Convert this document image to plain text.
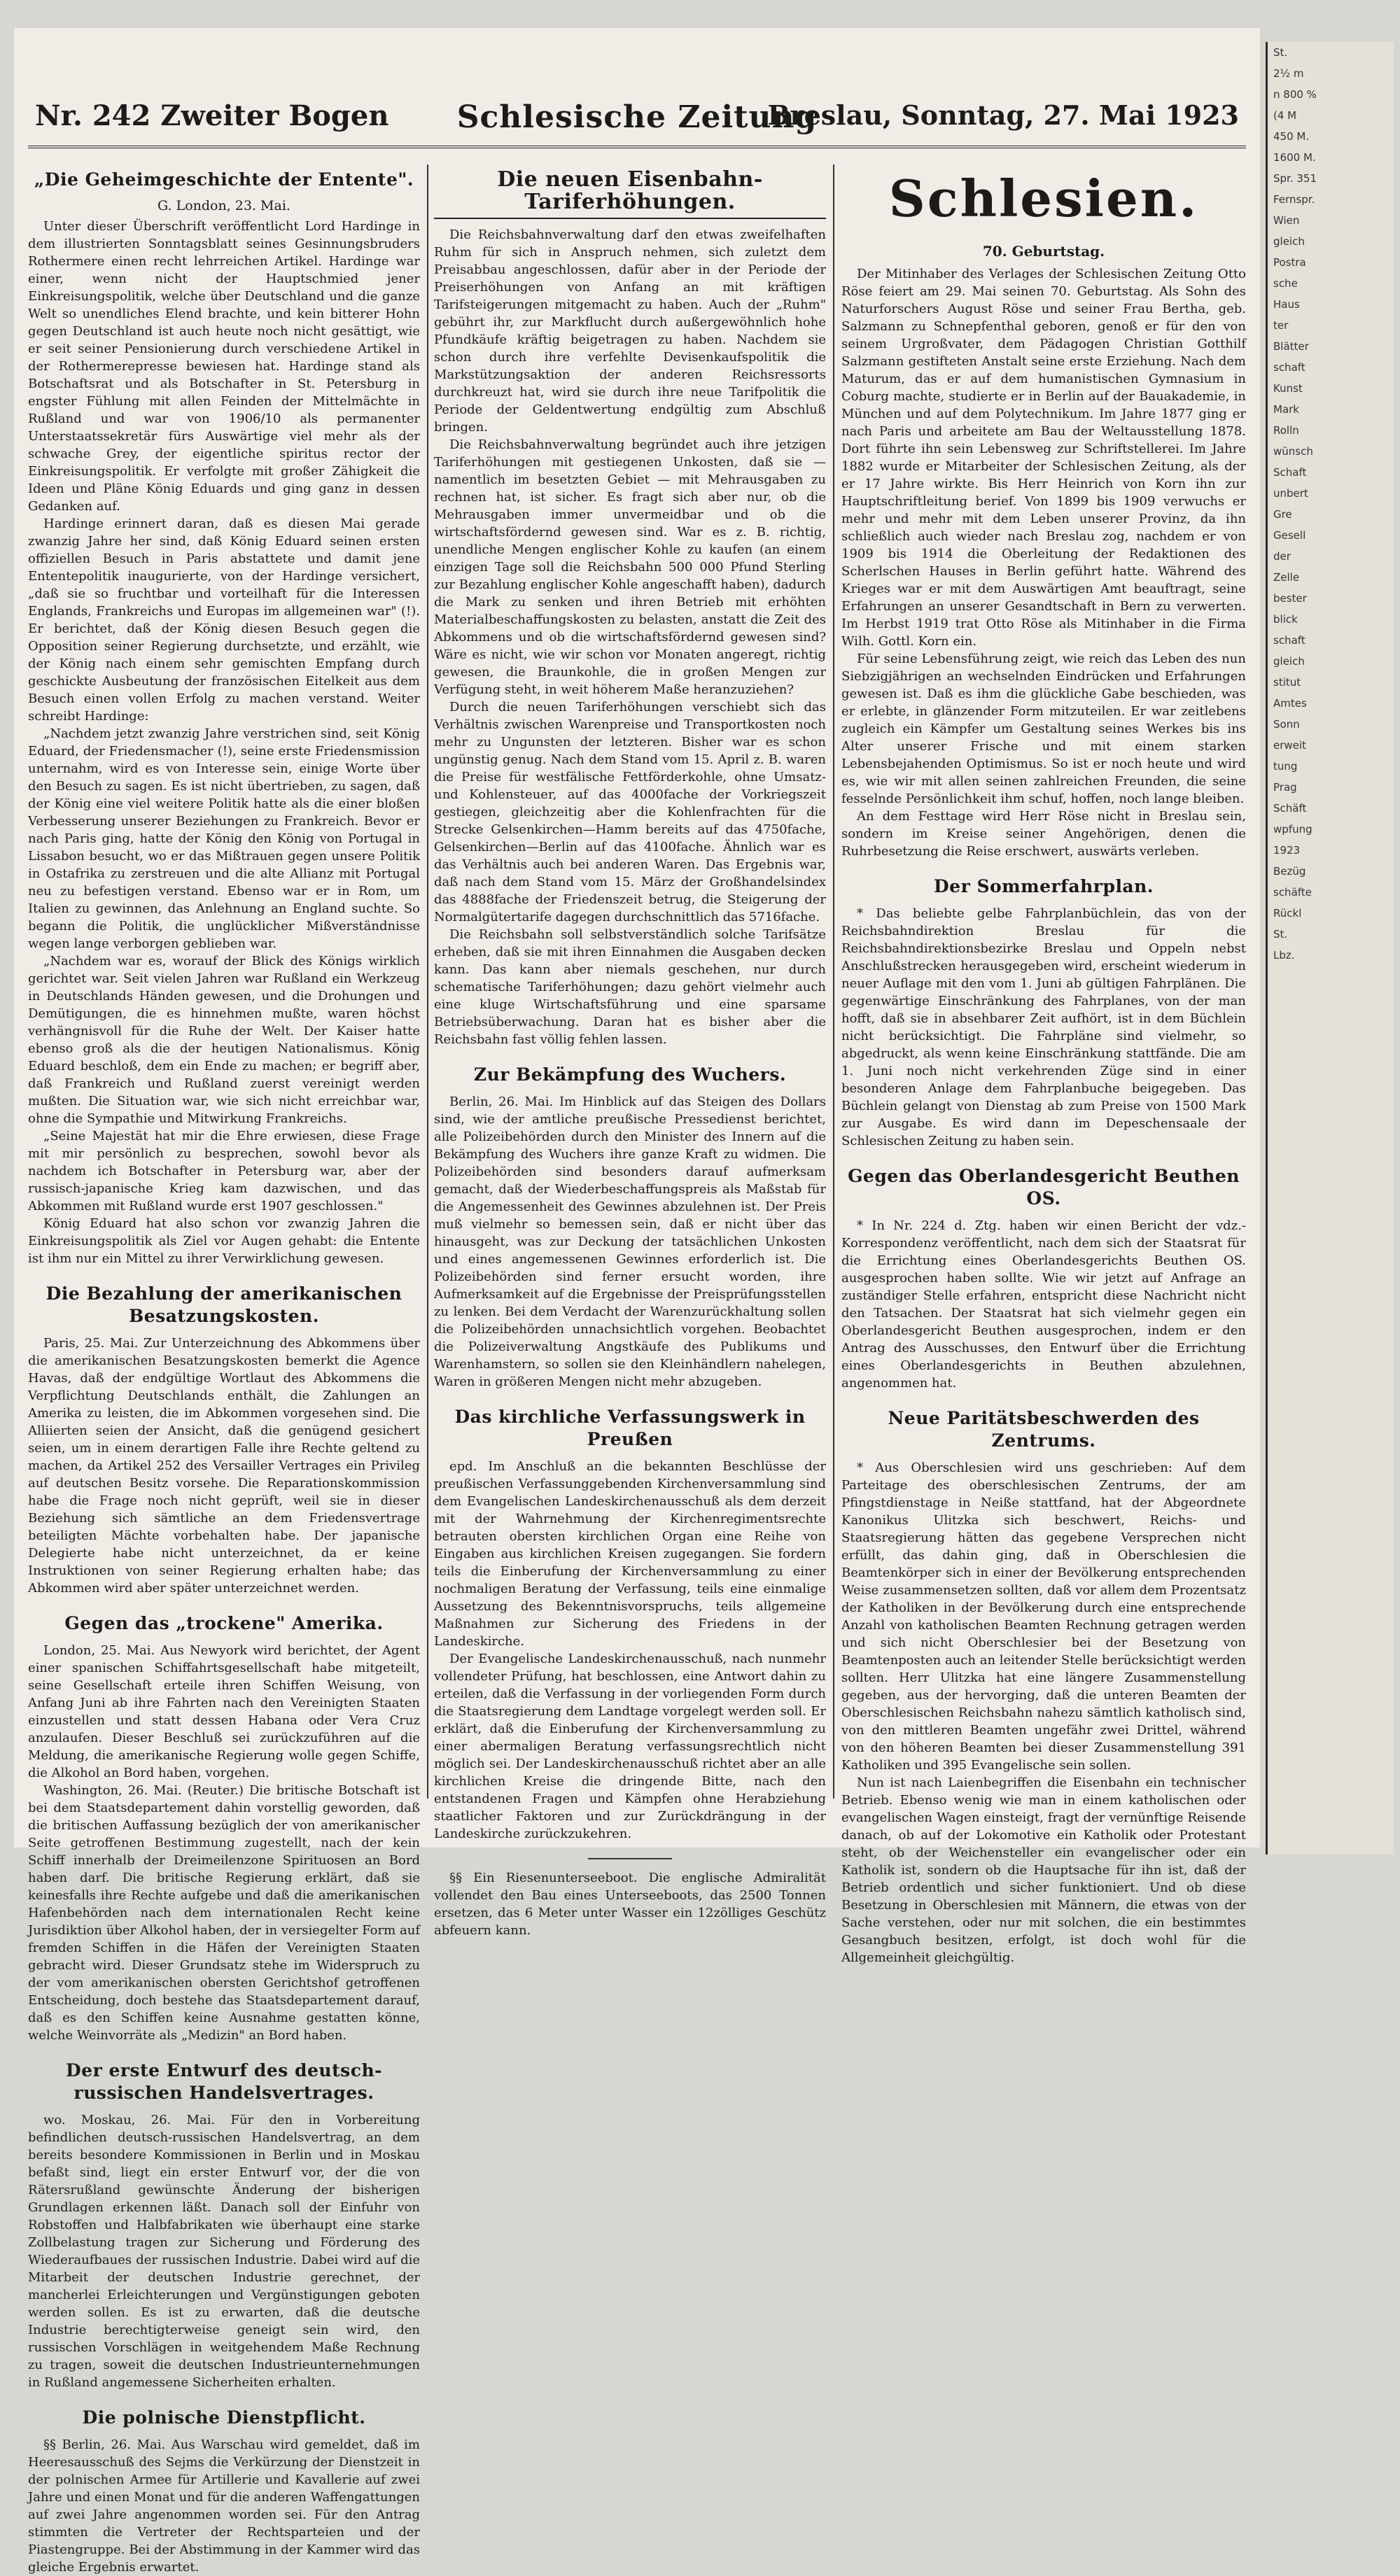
Nr. 242 Zweiter Bogen Schlesische Zeitung
Breslau, Sonntag, 27. Mai 1923
„Die Geheimgeschichte der Entente".
G. London, 23. Mai.

Unter dieser Überschrift veröffentlicht Lord Hardinge in dem illustrierten Sonntagsblatt seines Gesinnungsbruders Rothermere einen recht lehrreichen Artikel. Hardinge war einer, wenn nicht der Hauptschmied jener Einkreisungspolitik, welche über Deutschland und die ganze Welt so unendliches Elend brachte, und kein bitterer Hohn gegen Deutschland ist auch heute noch nicht gesättigt, wie er seit seiner Pensionierung durch verschiedene Artikel in der Rothermerepresse bewiesen hat. Hardinge stand als Botschaftsrat und als Botschafter in St. Petersburg in engster Fühlung mit allen Feinden der Mittelmächte in Rußland und war von 1906/10 als permanenter Unterstaatssekretär fürs Auswärtige viel mehr als der schwache Grey, der eigentliche spiritus rector der Einkreisungspolitik. Er verfolgte mit großer Zähigkeit die Ideen und Pläne König Eduards und ging ganz in dessen Gedanken auf.

Hardinge erinnert daran, daß es diesen Mai gerade zwanzig Jahre her sind, daß König Eduard seinen ersten offiziellen Besuch in Paris abstattete und damit jene Ententepolitik inaugurierte, von der Hardinge versichert, „daß sie so fruchtbar und vorteilhaft für die Interessen Englands, Frankreichs und Europas im allgemeinen war" (!). Er berichtet, daß der König diesen Besuch gegen die Opposition seiner Regierung durchsetzte, und erzählt, wie der König nach einem sehr gemischten Empfang durch geschickte Ausbeutung der französischen Eitelkeit aus dem Besuch einen vollen Erfolg zu machen verstand. Weiter schreibt Hardinge:

„Nachdem jetzt zwanzig Jahre verstrichen sind, seit König Eduard, der Friedensmacher (!), seine erste Friedensmission unternahm, wird es von Interesse sein, einige Worte über den Besuch zu sagen. Es ist nicht übertrieben, zu sagen, daß der König eine viel weitere Politik hatte als die einer bloßen Verbesserung unserer Beziehungen zu Frankreich. Bevor er nach Paris ging, hatte der König den König von Portugal in Lissabon besucht, wo er das Mißtrauen gegen unsere Politik in Ostafrika zu zerstreuen und die alte Allianz mit Portugal neu zu befestigen verstand. Ebenso war er in Rom, um Italien zu gewinnen, das Anlehnung an England suchte. So begann die Politik, die unglücklicher Mißverständnisse wegen lange verborgen geblieben war.

„Nachdem war es, worauf der Blick des Königs wirklich gerichtet war. Seit vielen Jahren war Rußland ein Werkzeug in Deutschlands Händen gewesen, und die Drohungen und Demütigungen, die es hinnehmen mußte, waren höchst verhängnisvoll für die Ruhe der Welt. Der Kaiser hatte ebenso groß als die der heutigen Nationalismus. König Eduard beschloß, dem ein Ende zu machen; er begriff aber, daß Frankreich und Rußland zuerst vereinigt werden mußten. Die Situation war, wie sich nicht erreichbar war, ohne die Sympathie und Mitwirkung Frankreichs.

„Seine Majestät hat mir die Ehre erwiesen, diese Frage mit mir persönlich zu besprechen, sowohl bevor als nachdem ich Botschafter in Petersburg war, aber der russisch-japanische Krieg kam dazwischen, und das Abkommen mit Rußland wurde erst 1907 geschlossen."

König Eduard hat also schon vor zwanzig Jahren die Einkreisungspolitik als Ziel vor Augen gehabt: die Entente ist ihm nur ein Mittel zu ihrer Verwirklichung gewesen.

Die Bezahlung der amerikanischen Besatzungskosten.

Paris, 25. Mai. Zur Unterzeichnung des Abkommens über die amerikanischen Besatzungskosten bemerkt die Agence Havas, daß der endgültige Wortlaut des Abkommens die Verpflichtung Deutschlands enthält, die Zahlungen an Amerika zu leisten, die im Abkommen vorgesehen sind. Die Alliierten seien der Ansicht, daß die genügend gesichert seien, um in einem derartigen Falle ihre Rechte geltend zu machen, da Artikel 252 des Versailler Vertrages ein Privileg auf deutschen Besitz vorsehe. Die Reparationskommission habe die Frage noch nicht geprüft, weil sie in dieser Beziehung sich sämtliche an dem Friedensvertrage beteiligten Mächte vorbehalten habe. Der japanische Delegierte habe nicht unterzeichnet, da er keine Instruktionen von seiner Regierung erhalten habe; das Abkommen wird aber später unterzeichnet werden.

Gegen das „trockene" Amerika.

London, 25. Mai. Aus Newyork wird berichtet, der Agent einer spanischen Schiffahrtsgesellschaft habe mitgeteilt, seine Gesellschaft erteile ihren Schiffen Weisung, von Anfang Juni ab ihre Fahrten nach den Vereinigten Staaten einzustellen und statt dessen Habana oder Vera Cruz anzulaufen. Dieser Beschluß sei zurückzuführen auf die Meldung, die amerikanische Regierung wolle gegen Schiffe, die Alkohol an Bord haben, vorgehen.

Washington, 26. Mai. (Reuter.) Die britische Botschaft ist bei dem Staatsdepartement dahin vorstellig geworden, daß die britischen Auffassung bezüglich der von amerikanischer Seite getroffenen Bestimmung zugestellt, nach der kein Schiff innerhalb der Dreimeilenzone Spirituosen an Bord haben darf. Die britische Regierung erklärt, daß sie keinesfalls ihre Rechte aufgebe und daß die amerikanischen Hafenbehörden nach dem internationalen Recht keine Jurisdiktion über Alkohol haben, der in versiegelter Form auf fremden Schiffen in die Häfen der Vereinigten Staaten gebracht wird. Dieser Grundsatz stehe im Widerspruch zu der vom amerikanischen obersten Gerichtshof getroffenen Entscheidung, doch bestehe das Staatsdepartement darauf, daß es den Schiffen keine Ausnahme gestatten könne, welche Weinvorräte als „Medizin" an Bord haben.

Der erste Entwurf des deutsch-russischen Handelsvertrages.

wo. Moskau, 26. Mai. Für den in Vorbereitung befindlichen deutsch-russischen Handelsvertrag, an dem bereits besondere Kommissionen in Berlin und in Moskau befaßt sind, liegt ein erster Entwurf vor, der die von Rätersrußland gewünschte Änderung der bisherigen Grundlagen erkennen läßt. Danach soll der Einfuhr von Robstoffen und Halbfabrikaten wie überhaupt eine starke Zollbelastung tragen zur Sicherung und Förderung des Wiederaufbaues der russischen Industrie. Dabei wird auf die Mitarbeit der deutschen Industrie gerechnet, der mancherlei Erleichterungen und Vergünstigungen geboten werden sollen. Es ist zu erwarten, daß die deutsche Industrie berechtigterweise geneigt sein wird, den russischen Vorschlägen in weitgehendem Maße Rechnung zu tragen, soweit die deutschen Industrieunternehmungen in Rußland angemessene Sicherheiten erhalten.

Die polnische Dienstpflicht.

§§ Berlin, 26. Mai. Aus Warschau wird gemeldet, daß im Heeresausschuß des Sejms die Verkürzung der Dienstzeit in der polnischen Armee für Artillerie und Kavallerie auf zwei Jahre und einen Monat und für die anderen Waffengattungen auf zwei Jahre angenommen worden sei. Für den Antrag stimmten die Vertreter der Rechtsparteien und der Piastengruppe. Bei der Abstimmung in der Kammer wird das gleiche Ergebnis erwartet.

Die neuen Eisenbahn-Tariferhöhungen.

Die Reichsbahnverwaltung darf den etwas zweifelhaften Ruhm für sich in Anspruch nehmen, sich zuletzt dem Preisabbau angeschlossen, dafür aber in der Periode der Preiserhöhungen von Anfang an mit kräftigen Tarifsteigerungen mitgemacht zu haben. Auch der „Ruhm" gebührt ihr, zur Markflucht durch außergewöhnlich hohe Pfundkäufe kräftig beigetragen zu haben. Nachdem sie schon durch ihre verfehlte Devisenkaufspolitik die Markstützungsaktion der anderen Reichsressorts durchkreuzt hat, wird sie durch ihre neue Tarifpolitik die Periode der Geldentwertung endgültig zum Abschluß bringen.

Die Reichsbahnverwaltung begründet auch ihre jetzigen Tariferhöhungen mit gestiegenen Unkosten, daß sie — namentlich im besetzten Gebiet — mit Mehrausgaben zu rechnen hat, ist sicher. Es fragt sich aber nur, ob die Mehrausgaben immer unvermeidbar und ob die wirtschaftsfördernd gewesen sind. War es z. B. richtig, unendliche Mengen englischer Kohle zu kaufen (an einem einzigen Tage soll die Reichsbahn 500 000 Pfund Sterling zur Bezahlung englischer Kohle angeschafft haben), dadurch die Mark zu senken und ihren Betrieb mit erhöhten Materialbeschaffungskosten zu belasten, anstatt die Zeit des Abkommens und ob die wirtschaftsfördernd gewesen sind? Wäre es nicht, wie wir schon vor Monaten angeregt, richtig gewesen, die Braunkohle, die in großen Mengen zur Verfügung steht, in weit höherem Maße heranzuziehen?

Durch die neuen Tariferhöhungen verschiebt sich das Verhältnis zwischen Warenpreise und Transportkosten noch mehr zu Ungunsten der letzteren. Bisher war es schon ungünstig genug. Nach dem Stand vom 15. April z. B. waren die Preise für westfälische Fettförderkohle, ohne Umsatz- und Kohlensteuer, auf das 4000fache der Vorkriegszeit gestiegen, gleichzeitig aber die Kohlenfrachten für die Strecke Gelsenkirchen—Hamm bereits auf das 4750fache, Gelsenkirchen—Berlin auf das 4100fache. Ähnlich war es das Verhältnis auch bei anderen Waren. Das Ergebnis war, daß nach dem Stand vom 15. März der Großhandelsindex das 4888fache der Friedenszeit betrug, die Steigerung der Normalgütertarife dagegen durchschnittlich das 5716fache.

Die Reichsbahn soll selbstverständlich solche Tarifsätze erheben, daß sie mit ihren Einnahmen die Ausgaben decken kann. Das kann aber niemals geschehen, nur durch schematische Tariferhöhungen; dazu gehört vielmehr auch eine kluge Wirtschaftsführung und eine sparsame Betriebsüberwachung. Daran hat es bisher aber die Reichsbahn fast völlig fehlen lassen.

Zur Bekämpfung des Wuchers.

Berlin, 26. Mai. Im Hinblick auf das Steigen des Dollars sind, wie der amtliche preußische Pressedienst berichtet, alle Polizeibehörden durch den Minister des Innern auf die Bekämpfung des Wuchers ihre ganze Kraft zu widmen. Die Polizeibehörden sind besonders darauf aufmerksam gemacht, daß der Wiederbeschaffungspreis als Maßstab für die Angemessenheit des Gewinnes abzulehnen ist. Der Preis muß vielmehr so bemessen sein, daß er nicht über das hinausgeht, was zur Deckung der tatsächlichen Unkosten und eines angemessenen Gewinnes erforderlich ist. Die Polizeibehörden sind ferner ersucht worden, ihre Aufmerksamkeit auf die Ergebnisse der Preisprüfungsstellen zu lenken. Bei dem Verdacht der Warenzurückhaltung sollen die Polizeibehörden unnachsichtlich vorgehen. Beobachtet die Polizeiverwaltung Angstkäufe des Publikums und Warenhamstern, so sollen sie den Kleinhändlern nahelegen, Waren in größeren Mengen nicht mehr abzugeben.

Das kirchliche Verfassungswerk in Preußen

epd. Im Anschluß an die bekannten Beschlüsse der preußischen Verfassunggebenden Kirchenversammlung sind dem Evangelischen Landeskirchenausschuß als dem derzeit mit der Wahrnehmung der Kirchenregimentsrechte betrauten obersten kirchlichen Organ eine Reihe von Eingaben aus kirchlichen Kreisen zugegangen. Sie fordern teils die Einberufung der Kirchenversammlung zu einer nochmaligen Beratung der Verfassung, teils eine einmalige Aussetzung des Bekenntnisvorspruchs, teils allgemeine Maßnahmen zur Sicherung des Friedens in der Landeskirche.

Der Evangelische Landeskirchenausschuß, nach nunmehr vollendeter Prüfung, hat beschlossen, eine Antwort dahin zu erteilen, daß die Verfassung in der vorliegenden Form durch die Staatsregierung dem Landtage vorgelegt werden soll. Er erklärt, daß die Einberufung der Kirchenversammlung zu einer abermaligen Beratung verfassungsrechtlich nicht möglich sei. Der Landeskirchenausschuß richtet aber an alle kirchlichen Kreise die dringende Bitte, nach den entstandenen Fragen und Kämpfen ohne Herabziehung staatlicher Faktoren und zur Zurückdrängung in der Landeskirche zurückzukehren.

§§ Ein Riesenunterseeboot. Die englische Admiralität vollendet den Bau eines Unterseeboots, das 2500 Tonnen ersetzen, das 6 Meter unter Wasser ein 12zölliges Geschütz abfeuern kann.

Schlesien.
70. Geburtstag.

Der Mitinhaber des Verlages der Schlesischen Zeitung Otto Röse feiert am 29. Mai seinen 70. Geburtstag. Als Sohn des Naturforschers August Röse und seiner Frau Bertha, geb. Salzmann zu Schnepfenthal geboren, genoß er für den von seinem Urgroßvater, dem Pädagogen Christian Gotthilf Salzmann gestifteten Anstalt seine erste Erziehung. Nach dem Maturum, das er auf dem humanistischen Gymnasium in Coburg machte, studierte er in Berlin auf der Bauakademie, in München und auf dem Polytechnikum. Im Jahre 1877 ging er nach Paris und arbeitete am Bau der Weltausstellung 1878. Dort führte ihn sein Lebensweg zur Schriftstellerei. Im Jahre 1882 wurde er Mitarbeiter der Schlesischen Zeitung, als der er 17 Jahre wirkte. Bis Herr Heinrich von Korn ihn zur Hauptschriftleitung berief. Von 1899 bis 1909 verwuchs er mehr und mehr mit dem Leben unserer Provinz, da ihn schließlich auch wieder nach Breslau zog, nachdem er von 1909 bis 1914 die Oberleitung der Redaktionen des Scherlschen Hauses in Berlin geführt hatte. Während des Krieges war er mit dem Auswärtigen Amt beauftragt, seine Erfahrungen an unserer Gesandtschaft in Bern zu verwerten. Im Herbst 1919 trat Otto Röse als Mitinhaber in die Firma Wilh. Gottl. Korn ein.

Für seine Lebensführung zeigt, wie reich das Leben des nun Siebzigjährigen an wechselnden Eindrücken und Erfahrungen gewesen ist. Daß es ihm die glückliche Gabe beschieden, was er erlebte, in glänzender Form mitzuteilen. Er war zeitlebens zugleich ein Kämpfer um Gestaltung seines Werkes bis ins Alter unserer Frische und mit einem starken Lebensbejahenden Optimismus. So ist er noch heute und wird es, wie wir mit allen seinen zahlreichen Freunden, die seine fesselnde Persönlichkeit ihm schuf, hoffen, noch lange bleiben.

An dem Festtage wird Herr Röse nicht in Breslau sein, sondern im Kreise seiner Angehörigen, denen die Ruhrbesetzung die Reise erschwert, auswärts verleben.

Der Sommerfahrplan.

* Das beliebte gelbe Fahrplanbüchlein, das von der Reichsbahndirektion Breslau für die Reichsbahndirektionsbezirke Breslau und Oppeln nebst Anschlußstrecken herausgegeben wird, erscheint wiederum in neuer Auflage mit den vom 1. Juni ab gültigen Fahrplänen. Die gegenwärtige Einschränkung des Fahrplanes, von der man hofft, daß sie in absehbarer Zeit aufhört, ist in dem Büchlein nicht berücksichtigt. Die Fahrpläne sind vielmehr, so abgedruckt, als wenn keine Einschränkung stattfände. Die am 1. Juni noch nicht verkehrenden Züge sind in einer besonderen Anlage dem Fahrplanbuche beigegeben. Das Büchlein gelangt von Dienstag ab zum Preise von 1500 Mark zur Ausgabe. Es wird dann im Depeschensaale der Schlesischen Zeitung zu haben sein.

Gegen das Oberlandesgericht Beuthen OS.

* In Nr. 224 d. Ztg. haben wir einen Bericht der vdz.-Korrespondenz veröffentlicht, nach dem sich der Staatsrat für die Errichtung eines Oberlandesgerichts Beuthen OS. ausgesprochen haben sollte. Wie wir jetzt auf Anfrage an zuständiger Stelle erfahren, entspricht diese Nachricht nicht den Tatsachen. Der Staatsrat hat sich vielmehr gegen ein Oberlandesgericht Beuthen ausgesprochen, indem er den Antrag des Ausschusses, den Entwurf über die Errichtung eines Oberlandesgerichts in Beuthen abzulehnen, angenommen hat.

Neue Paritätsbeschwerden des Zentrums.

* Aus Oberschlesien wird uns geschrieben: Auf dem Parteitage des oberschlesischen Zentrums, der am Pfingstdienstage in Neiße stattfand, hat der Abgeordnete Kanonikus Ulitzka sich beschwert, Reichs- und Staatsregierung hätten das gegebene Versprechen nicht erfüllt, das dahin ging, daß in Oberschlesien die Beamtenkörper sich in einer der Bevölkerung entsprechenden Weise zusammensetzen sollten, daß vor allem dem Prozentsatz der Katholiken in der Bevölkerung durch eine entsprechende Anzahl von katholischen Beamten Rechnung getragen werden und sich nicht Oberschlesier bei der Besetzung von Beamtenposten auch an leitender Stelle berücksichtigt werden sollten. Herr Ulitzka hat eine längere Zusammenstellung gegeben, aus der hervorging, daß die unteren Beamten der Oberschlesischen Reichsbahn nahezu sämtlich katholisch sind, von den mittleren Beamten ungefähr zwei Drittel, während von den höheren Beamten bei dieser Zusammenstellung 391 Katholiken und 395 Evangelische sein sollen.

Nun ist nach Laienbegriffen die Eisenbahn ein technischer Betrieb. Ebenso wenig wie man in einem katholischen oder evangelischen Wagen einsteigt, fragt der vernünftige Reisende danach, ob auf der Lokomotive ein Katholik oder Protestant steht, ob der Weichensteller ein evangelischer oder ein Katholik ist, sondern ob die Hauptsache für ihn ist, daß der Betrieb ordentlich und sicher funktioniert. Und ob diese Besetzung in Oberschlesien mit Männern, die etwas von der Sache verstehen, oder nur mit solchen, die ein bestimmtes Gesangbuch besitzen, erfolgt, ist doch wohl für die Allgemeinheit gleichgültig.

St.
2½ m
n 800 %
(4 M
450 M.
1600 M.
Spr. 351
Fernspr.
Wien
gleich
Postra
sche
Haus
ter
Blätter
schaft
Kunst
Mark
Rolln
wünsch
Schaft
unbert
Gre
Gesell
der
Zelle
bester
blick
schaft
gleich
stitut
Amtes
Sonn
erweit
tung
Prag
Schäft
wpfung
1923
Bezüg
schäfte
Rückl
St.
Lbz.
